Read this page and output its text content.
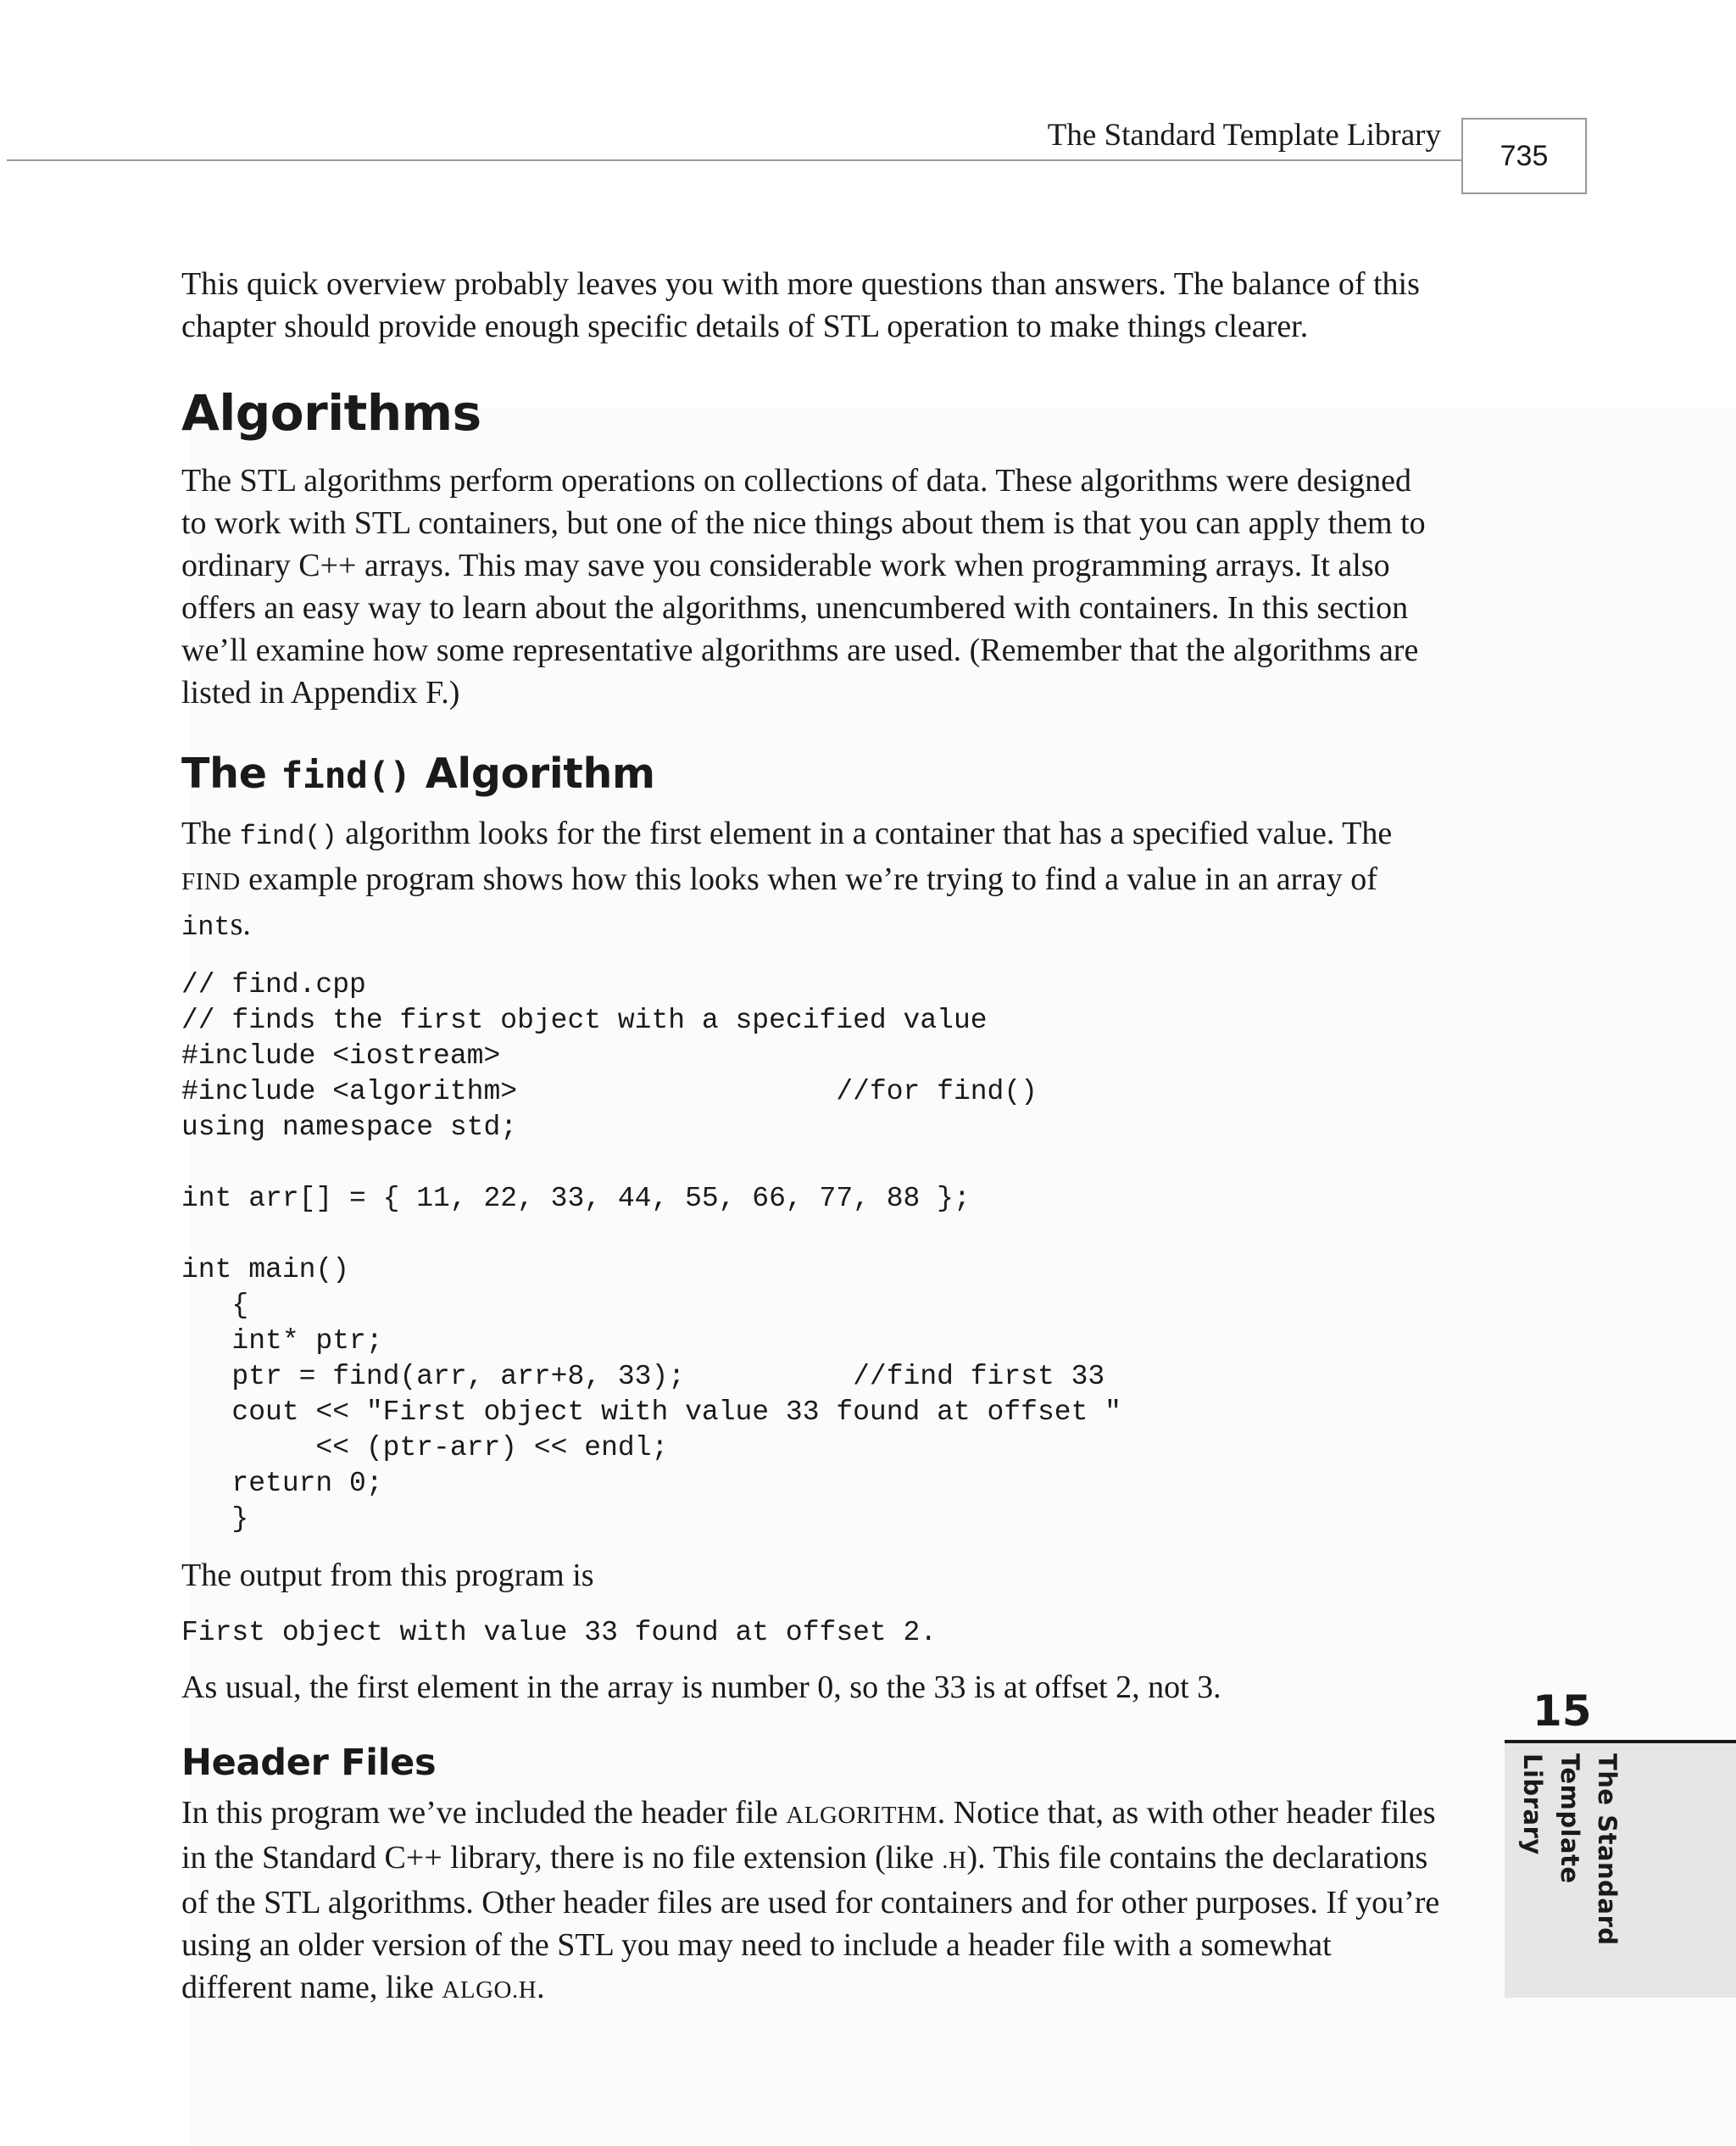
The Standard Template Library
735

This quick overview probably leaves you with more questions than answers. The balance of this chapter should provide enough specific details of STL operation to make things clearer.

Algorithms

The STL algorithms perform operations on collections of data. These algorithms were designed to work with STL containers, but one of the nice things about them is that you can apply them to ordinary C++ arrays. This may save you considerable work when programming arrays. It also offers an easy way to learn about the algorithms, unencumbered with containers. In this section we’ll examine how some representative algorithms are used. (Remember that the algorithms are listed in Appendix F.)

The find() Algorithm

The find() algorithm looks for the first element in a container that has a specified value. The FIND example program shows how this looks when we’re trying to find a value in an array of ints.

// find.cpp
// finds the first object with a specified value
#include <iostream>
#include <algorithm>                   //for find()
using namespace std;

int arr[] = { 11, 22, 33, 44, 55, 66, 77, 88 };

int main()
{
int* ptr;
ptr = find(arr, arr+8, 33);          //find first 33
cout << "First object with value 33 found at offset "
<< (ptr-arr) << endl;
return 0;
}

The output from this program is

First object with value 33 found at offset 2.

As usual, the first element in the array is number 0, so the 33 is at offset 2, not 3.

Header Files

In this program we’ve included the header file ALGORITHM. Notice that, as with other header files in the Standard C++ library, there is no file extension (like .H). This file contains the declarations of the STL algorithms. Other header files are used for containers and for other purposes. If you’re using an older version of the STL you may need to include a header file with a somewhat different name, like ALGO.H.

15
The Standard
Template Library
